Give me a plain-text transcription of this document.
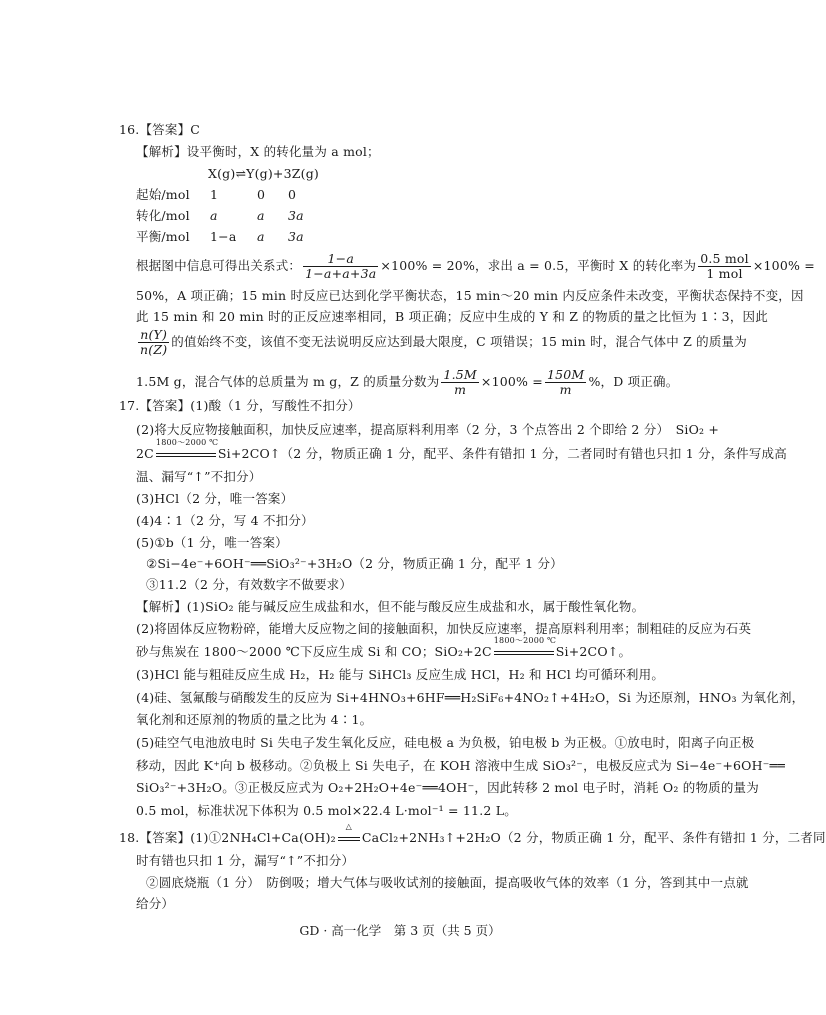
16.【答案】C
【解析】设平衡时，X 的转化量为 a mol；
X(g)⇌Y(g)+3Z(g)
起始/mol 1	0 0
转化/mol a	a 3a
平衡/mol 1−a a 3a
根据图中信息可得出关系式： $\frac{1-a}{1-a+a+3a} \times 100\% = 20\%$，求出 a = 0.5，平衡时 X 的转化率为 $\frac{\text{0.5 mol}}{\text{1 mol}} \times 100\%$ =
50%，A 项正确；15 min 时反应已达到化学平衡状态，15 min～20 min 内反应条件未改变，平衡状态保持不变，因
此 15 min 和 20 min 时的正反应速率相同，B 项正确；反应中生成的 Y 和 Z 的物质的量之比恒为 1∶3，因此
$\frac{n(Y)}{n(Z)}$ 的值始终不变，该值不变无法说明反应达到最大限度，C 项错误；15 min 时，混合气体中 Z 的质量为
1.5M g，混合气体的总质量为 m g，Z 的质量分数为 $\frac{1.5M}{m} \times 100\% = \frac{150M}{m}$ %，D 项正确。
17.【答案】(1)酸（1 分，写酸性不扣分）
(2)将大反应物接触面积，加快反应速率，提高原料利用率（2 分，3 个点答出 2 个即给 2 分）　SiO₂ +
2C
1800～2000 ℃
Si+2CO↑（2 分，物质正确 1 分，配平、条件有错扣 1 分，二者同时有错也只扣 1 分，条件写成高
温、漏写“↑”不扣分）
(3)HCl（2 分，唯一答案）
(4)4∶1（2 分，写 4 不扣分）
(5)①b（1 分，唯一答案）
②Si−4e⁻+6OH⁻══SiO₃²⁻+3H₂O（2 分，物质正确 1 分，配平 1 分）
③11.2（2 分，有效数字不做要求）
【解析】(1)SiO₂ 能与碱反应生成盐和水，但不能与酸反应生成盐和水，属于酸性氧化物。
(2)将固体反应物粉碎，能增大反应物之间的接触面积，加快反应速率，提高原料利用率；制粗硅的反应为石英
砂与焦炭在 1800～2000 ℃下反应生成 Si 和 CO；SiO₂+2C
1800～2000 ℃
Si+2CO↑。
(3)HCl 能与粗硅反应生成 H₂，H₂ 能与 SiHCl₃ 反应生成 HCl，H₂ 和 HCl 均可循环利用。
(4)硅、氢氟酸与硝酸发生的反应为 Si+4HNO₃+6HF══H₂SiF₆+4NO₂↑+4H₂O，Si 为还原剂，HNO₃ 为氧化剂，
氧化剂和还原剂的物质的量之比为 4∶1。
(5)硅空气电池放电时 Si 失电子发生氧化反应，硅电极 a 为负极，铂电极 b 为正极。①放电时，阳离子向正极
移动，因此 K⁺向 b 极移动。②负极上 Si 失电子，在 KOH 溶液中生成 SiO₃²⁻，电极反应式为 Si−4e⁻+6OH⁻══
SiO₃²⁻+3H₂O。③正极反应式为 O₂+2H₂O+4e⁻══4OH⁻，因此转移 2 mol 电子时，消耗 O₂ 的物质的量为
0.5 mol，标准状况下体积为 0.5 mol×22.4 L·mol⁻¹ = 11.2 L。
18.【答案】(1)①2NH₄Cl+Ca(OH)₂
△
CaCl₂+2NH₃↑+2H₂O（2 分，物质正确 1 分，配平、条件有错扣 1 分，二者同
时有错也只扣 1 分，漏写“↑”不扣分）
②圆底烧瓶（1 分）　防倒吸；增大气体与吸收试剂的接触面，提高吸收气体的效率（1 分，答到其中一点就
给分）
GD · 高一化学　第 3 页（共 5 页）
